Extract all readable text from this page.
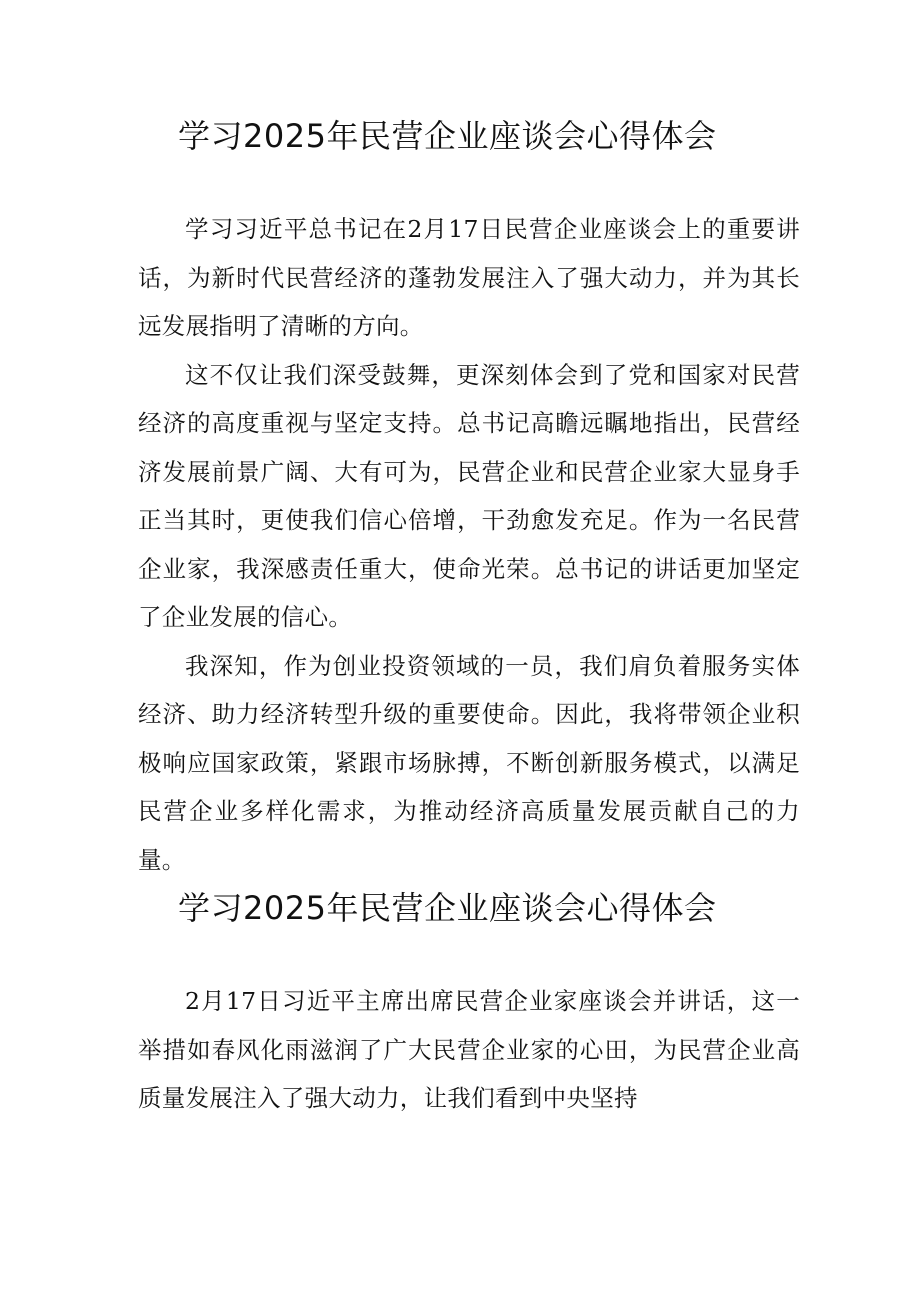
学习2025年民营企业座谈会心得体会

学习习近平总书记在2月17日民营企业座谈会上的重要讲话，为新时代民营经济的蓬勃发展注入了强大动力，并为其长远发展指明了清晰的方向。

这不仅让我们深受鼓舞，更深刻体会到了党和国家对民营经济的高度重视与坚定支持。总书记高瞻远瞩地指出，民营经济发展前景广阔、大有可为，民营企业和民营企业家大显身手正当其时，更使我们信心倍增，干劲愈发充足。作为一名民营企业家，我深感责任重大，使命光荣。总书记的讲话更加坚定了企业发展的信心。

我深知，作为创业投资领域的一员，我们肩负着服务实体经济、助力经济转型升级的重要使命。因此，我将带领企业积极响应国家政策，紧跟市场脉搏，不断创新服务模式，以满足民营企业多样化需求，为推动经济高质量发展贡献自己的力量。

学习2025年民营企业座谈会心得体会

2月17日习近平主席出席民营企业家座谈会并讲话，这一举措如春风化雨滋润了广大民营企业家的心田，为民营企业高质量发展注入了强大动力，让我们看到中央坚持
